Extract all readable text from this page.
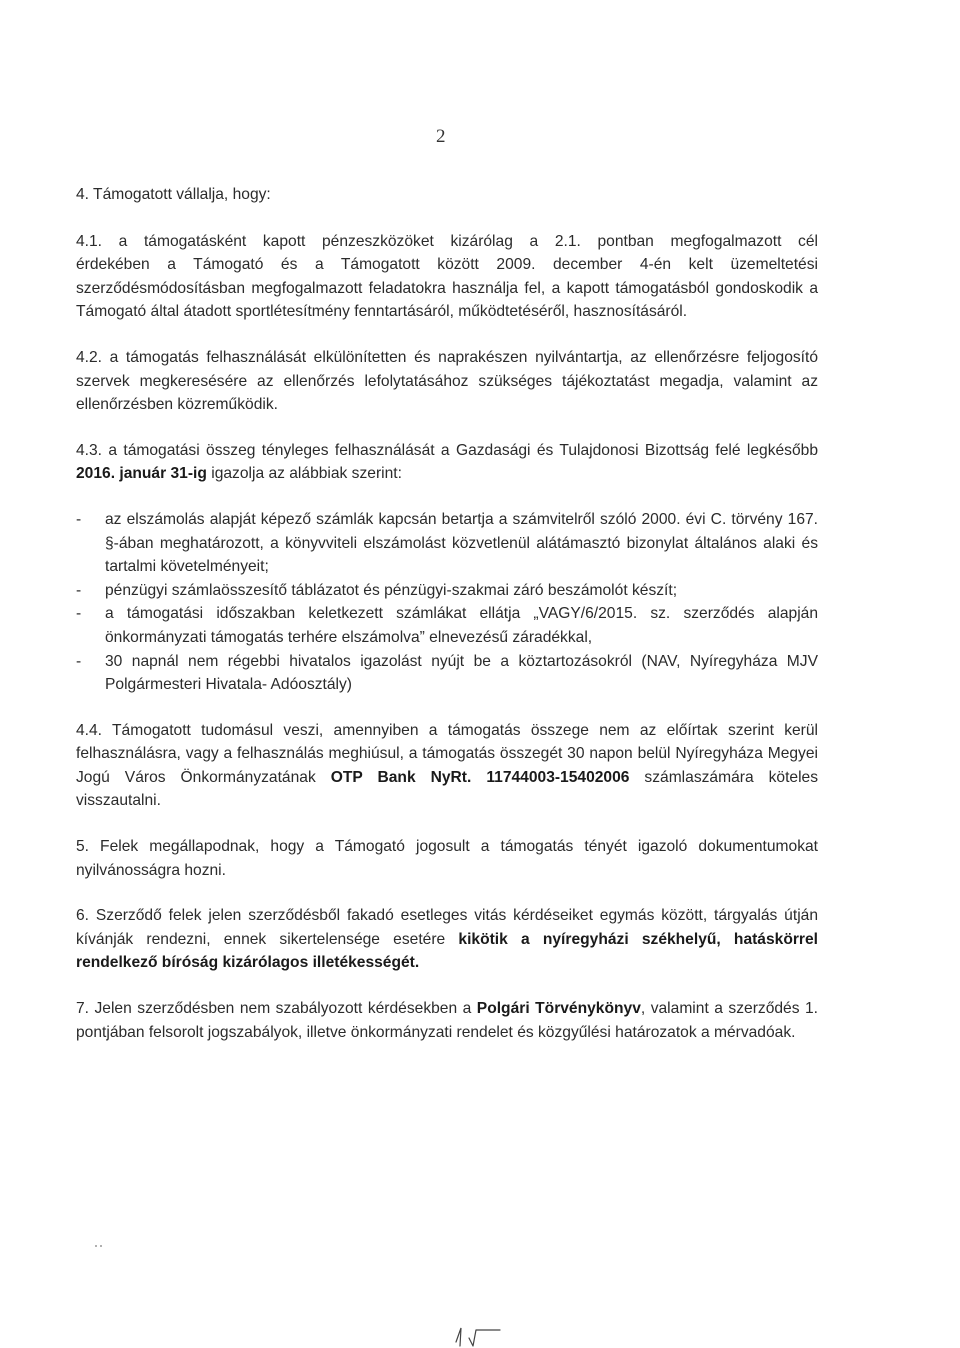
2

4. Támogatott vállalja, hogy:

4.1. a támogatásként kapott pénzeszközöket kizárólag a 2.1. pontban megfogalmazott cél

érdekében a Támogató és a Támogatott között 2009. december 4-én kelt üzemeltetési szerződésmódosításban megfogalmazott feladatokra használja fel, a kapott támogatásból gondoskodik a Támogató által átadott sportlétesítmény fenntartásáról, működtetéséről, hasznosításáról.

4.2. a támogatás felhasználását elkülönítetten és naprakészen nyilvántartja, az ellenőrzésre feljogosító szervek megkeresésére az ellenőrzés lefolytatásához szükséges tájékoztatást megadja, valamint az ellenőrzésben közreműködik.

4.3. a támogatási összeg tényleges felhasználását a Gazdasági és Tulajdonosi Bizottság felé legkésőbb 2016. január 31-ig igazolja az alábbiak szerint:

- az elszámolás alapját képező számlák kapcsán betartja a számvitelről szóló 2000. évi C. törvény 167. §-ában meghatározott, a könyvviteli elszámolást közvetlenül alátámasztó bizonylat általános alaki és tartalmi követelményeit;
- pénzügyi számlaösszesítő táblázatot és pénzügyi-szakmai záró beszámolót készít;
- a támogatási időszakban keletkezett számlákat ellátja „VAGY/6/2015. sz. szerződés alapján önkormányzati támogatás terhére elszámolva” elnevezésű záradékkal,
- 30 napnál nem régebbi hivatalos igazolást nyújt be a köztartozásokról (NAV, Nyíregyháza MJV Polgármesteri Hivatala- Adóosztály)

4.4. Támogatott tudomásul veszi, amennyiben a támogatás összege nem az előírtak szerint kerül felhasználásra, vagy a felhasználás meghiúsul, a támogatás összegét 30 napon belül Nyíregyháza Megyei Jogú Város Önkormányzatának OTP Bank NyRt. 11744003-15402006 számlaszámára köteles visszautalni.

5. Felek megállapodnak, hogy a Támogató jogosult a támogatás tényét igazoló dokumentumokat nyilvánosságra hozni.

6. Szerződő felek jelen szerződésből fakadó esetleges vitás kérdéseiket egymás között, tárgyalás útján kívánják rendezni, ennek sikertelensége esetére kikötik a nyíregyházi székhelyű, hatáskörrel rendelkező bíróság kizárólagos illetékességét.

7. Jelen szerződésben nem szabályozott kérdésekben a Polgári Törvénykönyv, valamint a szerződés 1. pontjában felsorolt jogszabályok, illetve önkormányzati rendelet és közgyűlési határozatok a mérvadóak.
